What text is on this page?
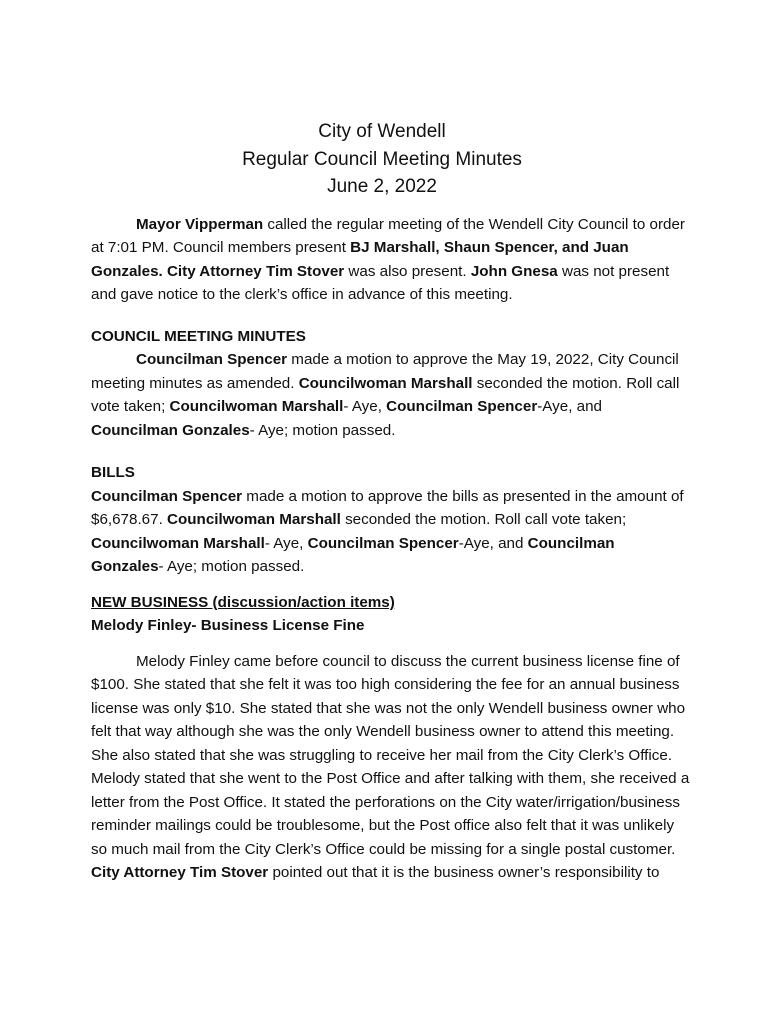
City of Wendell
Regular Council Meeting Minutes
June 2, 2022

Mayor Vipperman called the regular meeting of the Wendell City Council to order at 7:01 PM. Council members present BJ Marshall, Shaun Spencer, and Juan Gonzales. City Attorney Tim Stover was also present. John Gnesa was not present and gave notice to the clerk’s office in advance of this meeting.

COUNCIL MEETING MINUTES

Councilman Spencer made a motion to approve the May 19, 2022, City Council meeting minutes as amended. Councilwoman Marshall seconded the motion. Roll call vote taken; Councilwoman Marshall- Aye, Councilman Spencer-Aye, and Councilman Gonzales- Aye; motion passed.

BILLS

Councilman Spencer made a motion to approve the bills as presented in the amount of $6,678.67. Councilwoman Marshall seconded the motion. Roll call vote taken; Councilwoman Marshall- Aye, Councilman Spencer-Aye, and Councilman Gonzales- Aye; motion passed.

NEW BUSINESS (discussion/action items)

Melody Finley- Business License Fine

Melody Finley came before council to discuss the current business license fine of $100. She stated that she felt it was too high considering the fee for an annual business license was only $10. She stated that she was not the only Wendell business owner who felt that way although she was the only Wendell business owner to attend this meeting. She also stated that she was struggling to receive her mail from the City Clerk’s Office. Melody stated that she went to the Post Office and after talking with them, she received a letter from the Post Office. It stated the perforations on the City water/irrigation/business reminder mailings could be troublesome, but the Post office also felt that it was unlikely so much mail from the City Clerk’s Office could be missing for a single postal customer. City Attorney Tim Stover pointed out that it is the business owner’s responsibility to
